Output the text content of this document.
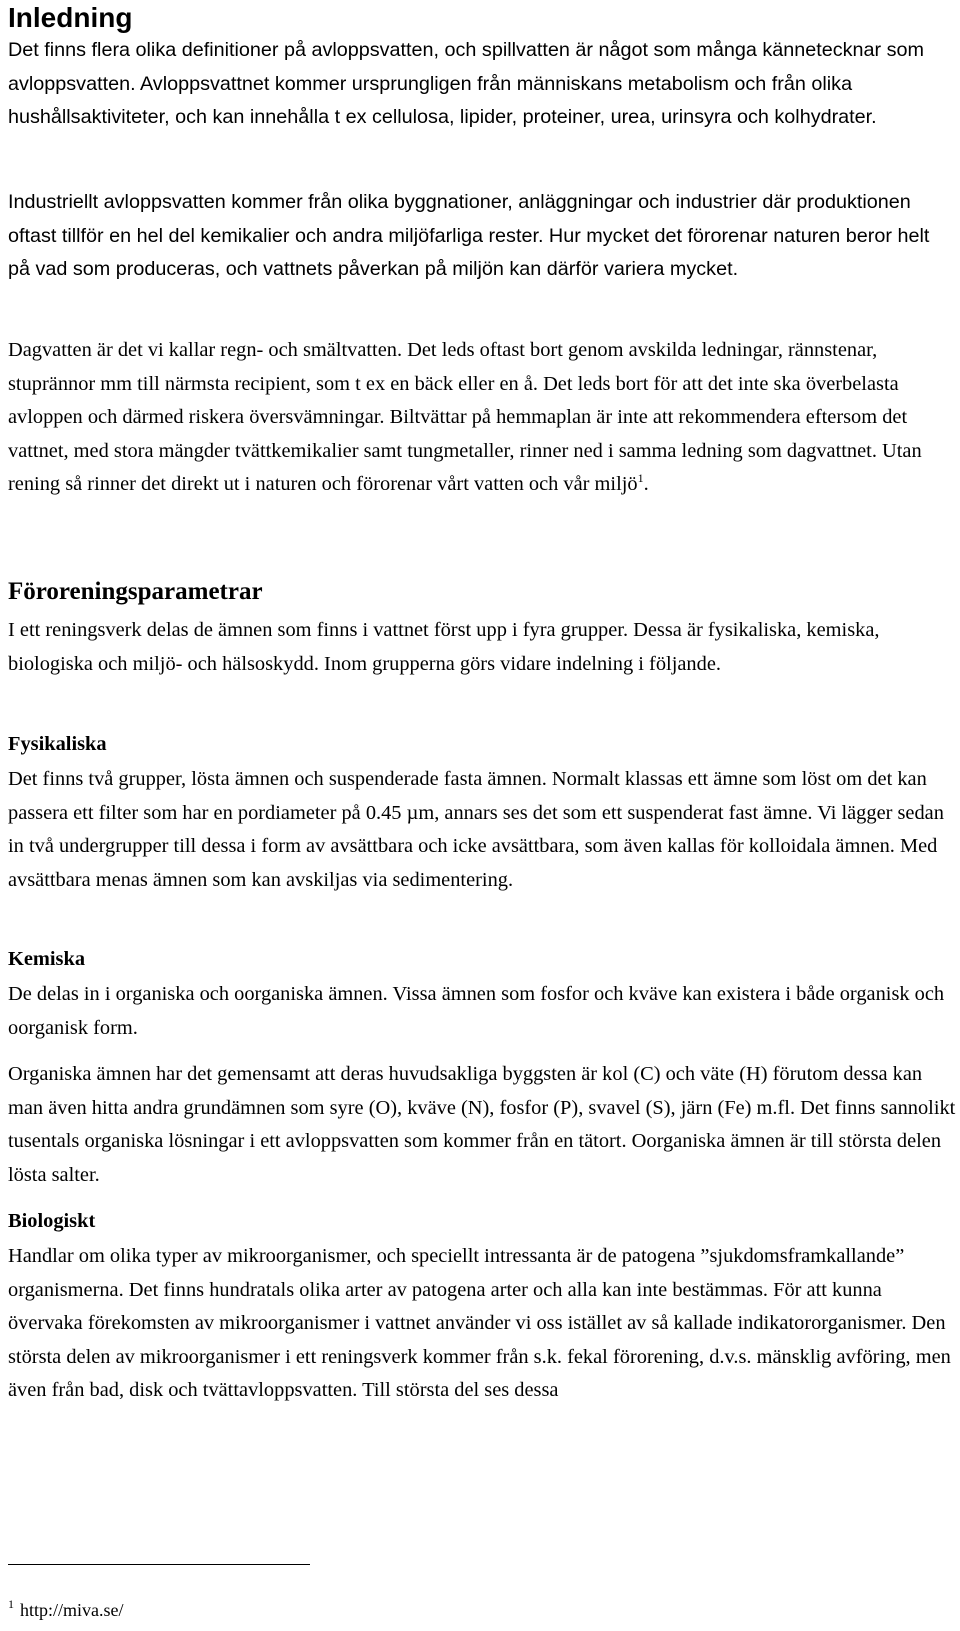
Inledning

Det finns flera olika definitioner på avloppsvatten, och spillvatten är något som många kännetecknar som avloppsvatten. Avloppsvattnet kommer ursprungligen från människans metabolism och från olika hushållsaktiviteter, och kan innehålla t ex cellulosa, lipider, proteiner, urea, urinsyra och kolhydrater.

Industriellt avloppsvatten kommer från olika byggnationer, anläggningar och industrier där produktionen oftast tillför en hel del kemikalier och andra miljöfarliga rester. Hur mycket det förorenar naturen beror helt på vad som produceras, och vattnets påverkan på miljön kan därför variera mycket.

Dagvatten är det vi kallar regn- och smältvatten. Det leds oftast bort genom avskilda ledningar, rännstenar, stuprännor mm till närmsta recipient, som t ex en bäck eller en å. Det leds bort för att det inte ska överbelasta avloppen och därmed riskera översvämningar. Biltvättar på hemmaplan är inte att rekommendera eftersom det vattnet, med stora mängder tvättkemikalier samt tungmetaller, rinner ned i samma ledning som dagvattnet. Utan rening så rinner det direkt ut i naturen och förorenar vårt vatten och vår miljö$^1$.

Föroreningsparametrar

I ett reningsverk delas de ämnen som finns i vattnet först upp i fyra grupper. Dessa är fysikaliska, kemiska, biologiska och miljö- och hälsoskydd. Inom grupperna görs vidare indelning i följande.

Fysikaliska

Det finns två grupper, lösta ämnen och suspenderade fasta ämnen. Normalt klassas ett ämne som löst om det kan passera ett filter som har en pordiameter på 0.45 µm, annars ses det som ett suspenderat fast ämne. Vi lägger sedan in två undergrupper till dessa i form av avsättbara och icke avsättbara, som även kallas för kolloidala ämnen. Med avsättbara menas ämnen som kan avskiljas via sedimentering.

Kemiska

De delas in i organiska och oorganiska ämnen. Vissa ämnen som fosfor och kväve kan existera i både organisk och oorganisk form.

Organiska ämnen har det gemensamt att deras huvudsakliga byggsten är kol (C) och väte (H) förutom dessa kan man även hitta andra grundämnen som syre (O), kväve (N), fosfor (P), svavel (S), järn (Fe) m.fl. Det finns sannolikt tusentals organiska lösningar i ett avloppsvatten som kommer från en tätort. Oorganiska ämnen är till största delen lösta salter.

Biologiskt

Handlar om olika typer av mikroorganismer, och speciellt intressanta är de patogena ”sjukdomsframkallande” organismerna. Det finns hundratals olika arter av patogena arter och alla kan inte bestämmas. För att kunna övervaka förekomsten av mikroorganismer i vattnet använder vi oss istället av så kallade indikatororganismer. Den största delen av mikroorganismer i ett reningsverk kommer från s.k. fekal förorening, d.v.s. mänsklig avföring, men även från bad, disk och tvättavloppsvatten. Till största del ses dessa

$^1$ http://miva.se/
